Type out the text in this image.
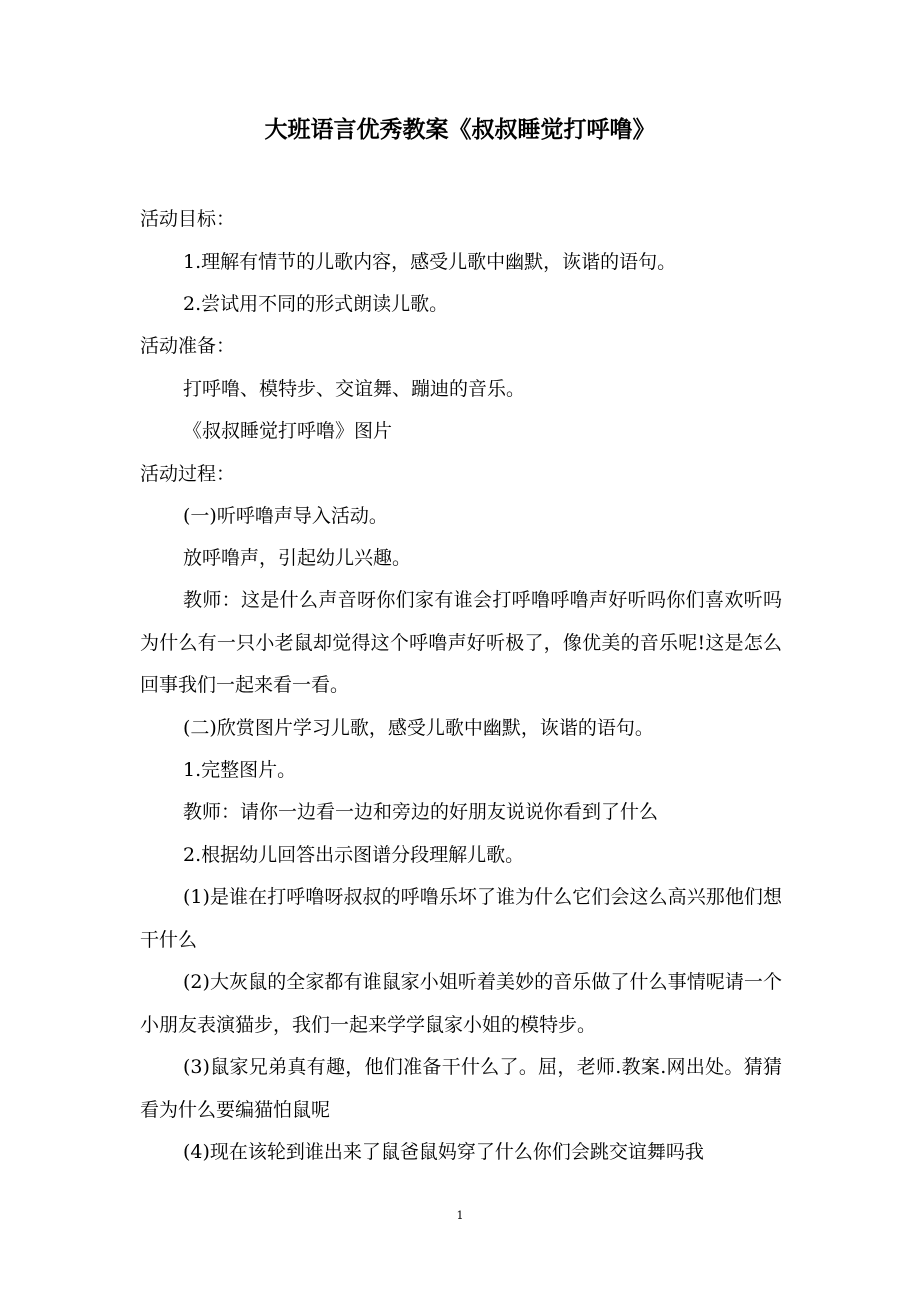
大班语言优秀教案《叔叔睡觉打呼噜》

活动目标：

1.理解有情节的儿歌内容，感受儿歌中幽默，诙谐的语句。

2.尝试用不同的形式朗读儿歌。

活动准备：

打呼噜、模特步、交谊舞、蹦迪的音乐。

《叔叔睡觉打呼噜》图片

活动过程：

(一)听呼噜声导入活动。

放呼噜声，引起幼儿兴趣。

教师：这是什么声音呀你们家有谁会打呼噜呼噜声好听吗你们喜欢听吗为什么有一只小老鼠却觉得这个呼噜声好听极了，像优美的音乐呢!这是怎么回事我们一起来看一看。

(二)欣赏图片学习儿歌，感受儿歌中幽默，诙谐的语句。

1.完整图片。

教师：请你一边看一边和旁边的好朋友说说你看到了什么

2.根据幼儿回答出示图谱分段理解儿歌。

(1)是谁在打呼噜呀叔叔的呼噜乐坏了谁为什么它们会这么高兴那他们想干什么

(2)大灰鼠的全家都有谁鼠家小姐听着美妙的音乐做了什么事情呢请一个小朋友表演猫步，我们一起来学学鼠家小姐的模特步。

(3)鼠家兄弟真有趣，他们准备干什么了。屈，老师.教案.网出处。猜猜看为什么要编猫怕鼠呢

(4)现在该轮到谁出来了鼠爸鼠妈穿了什么你们会跳交谊舞吗我

1
